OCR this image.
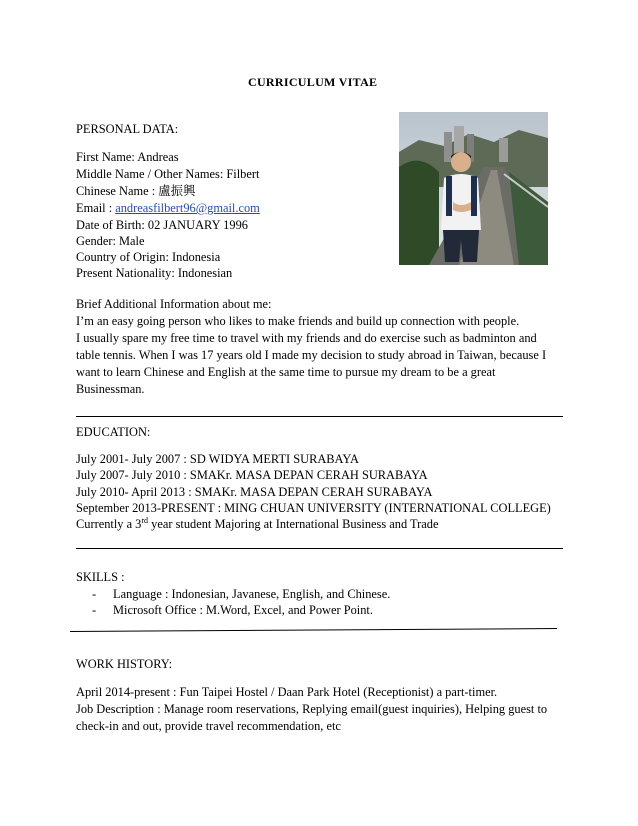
CURRICULUM VITAE
PERSONAL DATA:
First Name: Andreas
Middle Name / Other Names: Filbert
Chinese Name : 盧振興
Email : andreasfilbert96@gmail.com
Date of Birth: 02 JANUARY 1996
Gender: Male
Country of Origin: Indonesia
Present Nationality: Indonesian
Brief Additional Information about me:
I’m an easy going person who likes to make friends and build up connection with people.
I usually spare my free time to travel with my friends and do exercise such as badminton and
table tennis. When I was 17 years old I made my decision to study abroad in Taiwan, because I
want to learn Chinese and English at the same time to pursue my dream to be a great
Businessman.
EDUCATION:
July 2001- July 2007 : SD WIDYA MERTI SURABAYA
July 2007- July 2010 : SMAKr. MASA DEPAN CERAH SURABAYA
July 2010- April 2013 : SMAKr. MASA DEPAN CERAH SURABAYA
September 2013-PRESENT : MING CHUAN UNIVERSITY (INTERNATIONAL COLLEGE)
Currently a 3rd year student Majoring at International Business and Trade
SKILLS :
- Language : Indonesian, Javanese, English, and Chinese.
- Microsoft Office : M.Word, Excel, and Power Point.
WORK HISTORY:
April 2014-present : Fun Taipei Hostel / Daan Park Hotel (Receptionist) a part-timer.
Job Description : Manage room reservations, Replying email(guest inquiries), Helping guest to
check-in and out, provide travel recommendation, etc
